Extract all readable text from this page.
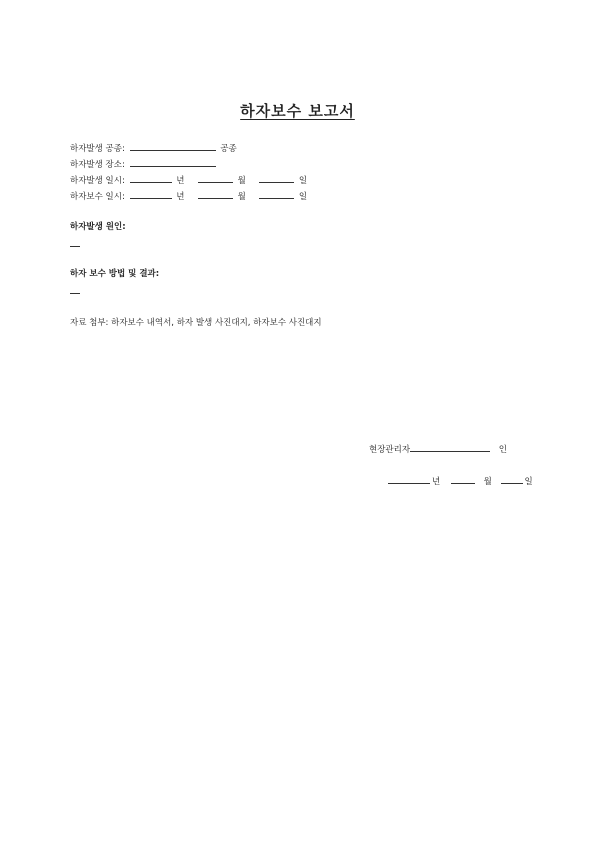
하자보수 보고서
하자발생 공종:	공종
하자발생 장소:
하자발생 일시:	년	월	일
하자보수 일시:	년	월	일
하자발생 원인:
하자 보수 방법 및 결과:
자료 첨부: 하자보수 내역서, 하자 발생 사진대지, 하자보수 사진대지
현장관리자	인
년	월	일
